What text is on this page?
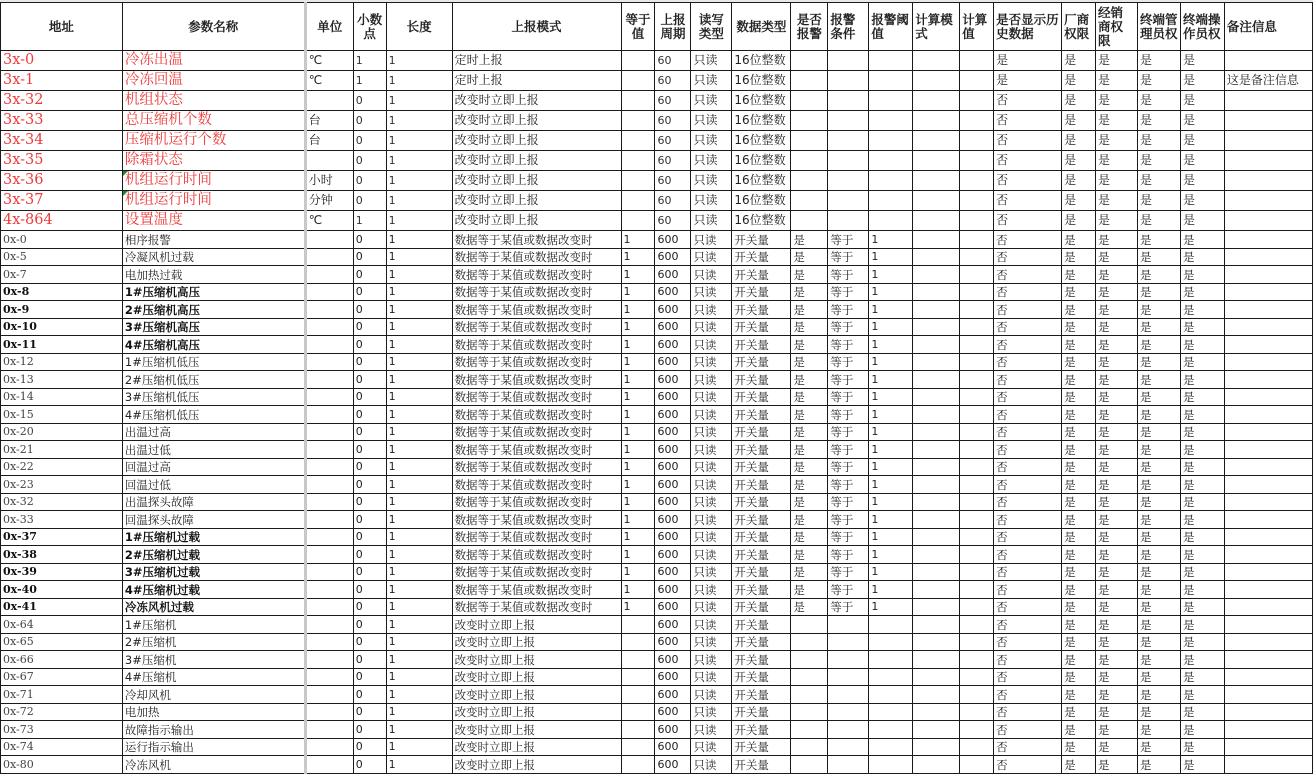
地址	参数名称	单位	小数点	长度	上报模式	等于值	上报周期	读写类型	数据类型	是否报警	报警条件	报警阈值	计算模式	计算值	是否显示历史数据	厂商权限	经销商权限	终端管理员权	终端操作员权	备注信息
3x-0	冷冻出温	℃	1	1	定时上报		60	只读	16位整数						是	是	是	是	是	
3x-1	冷冻回温	℃	1	1	定时上报		60	只读	16位整数						是	是	是	是	是	这是备注信息
3x-32	机组状态		0	1	改变时立即上报		60	只读	16位整数						否	是	是	是	是	
3x-33	总压缩机个数	台	0	1	改变时立即上报		60	只读	16位整数						否	是	是	是	是	
3x-34	压缩机运行个数	台	0	1	改变时立即上报		60	只读	16位整数						否	是	是	是	是	
3x-35	除霜状态		0	1	改变时立即上报		60	只读	16位整数						否	是	是	是	是	
3x-36	机组运行时间	小时	0	1	改变时立即上报		60	只读	16位整数						否	是	是	是	是	
3x-37	机组运行时间	分钟	0	1	改变时立即上报		60	只读	16位整数						否	是	是	是	是	
4x-864	设置温度	℃	1	1	改变时立即上报		60	只读	16位整数						否	是	是	是	是	
0x-0	相序报警		0	1	数据等于某值或数据改变时	1	600	只读	开关量	是	等于	1			否	是	是	是	是	
0x-5	冷凝风机过载		0	1	数据等于某值或数据改变时	1	600	只读	开关量	是	等于	1			否	是	是	是	是	
0x-7	电加热过载		0	1	数据等于某值或数据改变时	1	600	只读	开关量	是	等于	1			否	是	是	是	是	
0x-8	1#压缩机高压		0	1	数据等于某值或数据改变时	1	600	只读	开关量	是	等于	1			否	是	是	是	是	
0x-9	2#压缩机高压		0	1	数据等于某值或数据改变时	1	600	只读	开关量	是	等于	1			否	是	是	是	是	
0x-10	3#压缩机高压		0	1	数据等于某值或数据改变时	1	600	只读	开关量	是	等于	1			否	是	是	是	是	
0x-11	4#压缩机高压		0	1	数据等于某值或数据改变时	1	600	只读	开关量	是	等于	1			否	是	是	是	是	
0x-12	1#压缩机低压		0	1	数据等于某值或数据改变时	1	600	只读	开关量	是	等于	1			否	是	是	是	是	
0x-13	2#压缩机低压		0	1	数据等于某值或数据改变时	1	600	只读	开关量	是	等于	1			否	是	是	是	是	
0x-14	3#压缩机低压		0	1	数据等于某值或数据改变时	1	600	只读	开关量	是	等于	1			否	是	是	是	是	
0x-15	4#压缩机低压		0	1	数据等于某值或数据改变时	1	600	只读	开关量	是	等于	1			否	是	是	是	是	
0x-20	出温过高		0	1	数据等于某值或数据改变时	1	600	只读	开关量	是	等于	1			否	是	是	是	是	
0x-21	出温过低		0	1	数据等于某值或数据改变时	1	600	只读	开关量	是	等于	1			否	是	是	是	是	
0x-22	回温过高		0	1	数据等于某值或数据改变时	1	600	只读	开关量	是	等于	1			否	是	是	是	是	
0x-23	回温过低		0	1	数据等于某值或数据改变时	1	600	只读	开关量	是	等于	1			否	是	是	是	是	
0x-32	出温探头故障		0	1	数据等于某值或数据改变时	1	600	只读	开关量	是	等于	1			否	是	是	是	是	
0x-33	回温探头故障		0	1	数据等于某值或数据改变时	1	600	只读	开关量	是	等于	1			否	是	是	是	是	
0x-37	1#压缩机过载		0	1	数据等于某值或数据改变时	1	600	只读	开关量	是	等于	1			否	是	是	是	是	
0x-38	2#压缩机过载		0	1	数据等于某值或数据改变时	1	600	只读	开关量	是	等于	1			否	是	是	是	是	
0x-39	3#压缩机过载		0	1	数据等于某值或数据改变时	1	600	只读	开关量	是	等于	1			否	是	是	是	是	
0x-40	4#压缩机过载		0	1	数据等于某值或数据改变时	1	600	只读	开关量	是	等于	1			否	是	是	是	是	
0x-41	冷冻风机过载		0	1	数据等于某值或数据改变时	1	600	只读	开关量	是	等于	1			否	是	是	是	是	
0x-64	1#压缩机		0	1	改变时立即上报		600	只读	开关量						否	是	是	是	是	
0x-65	2#压缩机		0	1	改变时立即上报		600	只读	开关量						否	是	是	是	是	
0x-66	3#压缩机		0	1	改变时立即上报		600	只读	开关量						否	是	是	是	是	
0x-67	4#压缩机		0	1	改变时立即上报		600	只读	开关量						否	是	是	是	是	
0x-71	冷却风机		0	1	改变时立即上报		600	只读	开关量						否	是	是	是	是	
0x-72	电加热		0	1	改变时立即上报		600	只读	开关量						否	是	是	是	是	
0x-73	故障指示输出		0	1	改变时立即上报		600	只读	开关量						否	是	是	是	是	
0x-74	运行指示输出		0	1	改变时立即上报		600	只读	开关量						否	是	是	是	是	
0x-80	冷冻风机		0	1	改变时立即上报		600	只读	开关量						否	是	是	是	是	
